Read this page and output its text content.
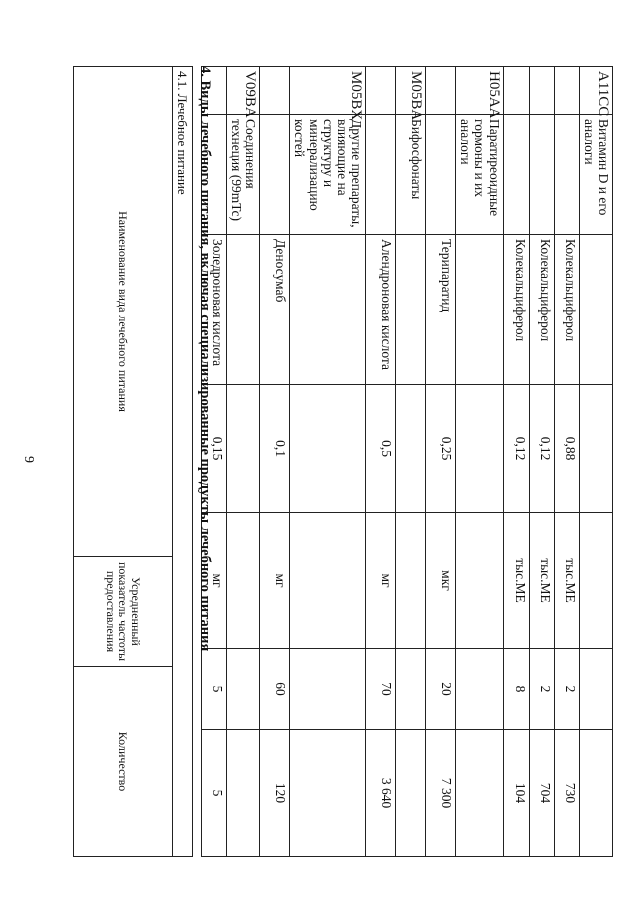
9
A11CC	Витамин D и его аналоги					
		Колекальциферол	0,88	тыс.МЕ	2	730
		Колекальциферол	0,12	тыс.МЕ	2	704
		Колекальциферол	0,12	тыс.МЕ	8	104
H05AA	Паратиреоидные гормоны и их аналоги					
		Терипаратид	0,25	мкг	20	7 300
M05BA	Бифосфонаты					
		Алендроновая кислота	0,5	мг	70	3 640
M05BX	Другие препараты, влияющие на структуру и минерализацию костей					
		Деносумаб	0,1	мг	60	120
V09BA	Соединения технеция (99mTc)					
		Золедроновая кислота	0,15	мг	5	5
4. Виды лечебного питания, включая специализированные продукты лечебного питания
4.1. Лечебное питание
Наименование вида лечебного питания	Усредненный показатель частоты предоставления	Количество
